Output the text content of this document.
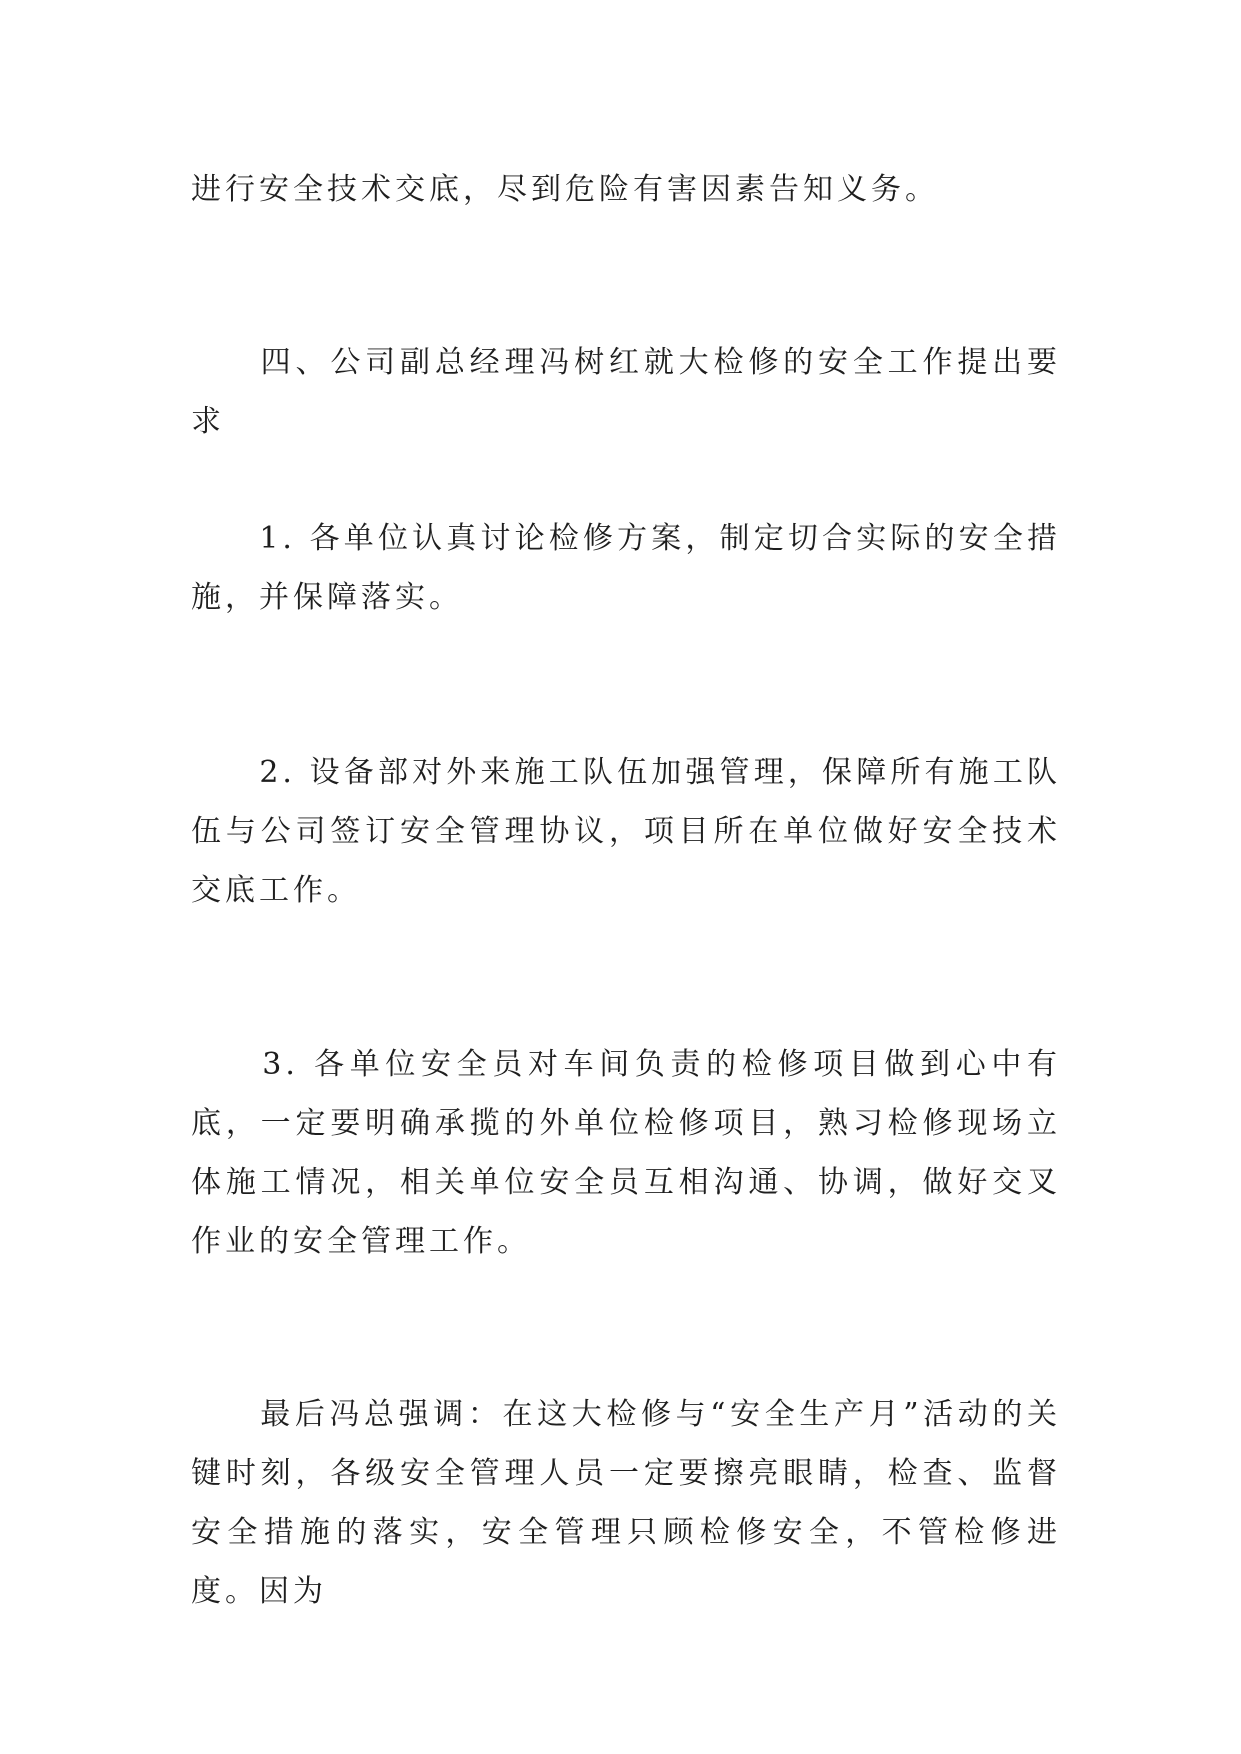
进行安全技术交底，尽到危险有害因素告知义务。

　　四、公司副总经理冯树红就大检修的安全工作提出要求

　　1. 各单位认真讨论检修方案，制定切合实际的安全措施，并保障落实。

　　2. 设备部对外来施工队伍加强管理，保障所有施工队伍与公司签订安全管理协议，项目所在单位做好安全技术交底工作。

　　3. 各单位安全员对车间负责的检修项目做到心中有底，一定要明确承揽的外单位检修项目，熟习检修现场立体施工情况，相关单位安全员互相沟通、协调，做好交叉作业的安全管理工作。

　　最后冯总强调：在这大检修与“安全生产月”活动的关键时刻，各级安全管理人员一定要擦亮眼睛，检查、监督安全措施的落实，安全管理只顾检修安全，不管检修进度。因为
